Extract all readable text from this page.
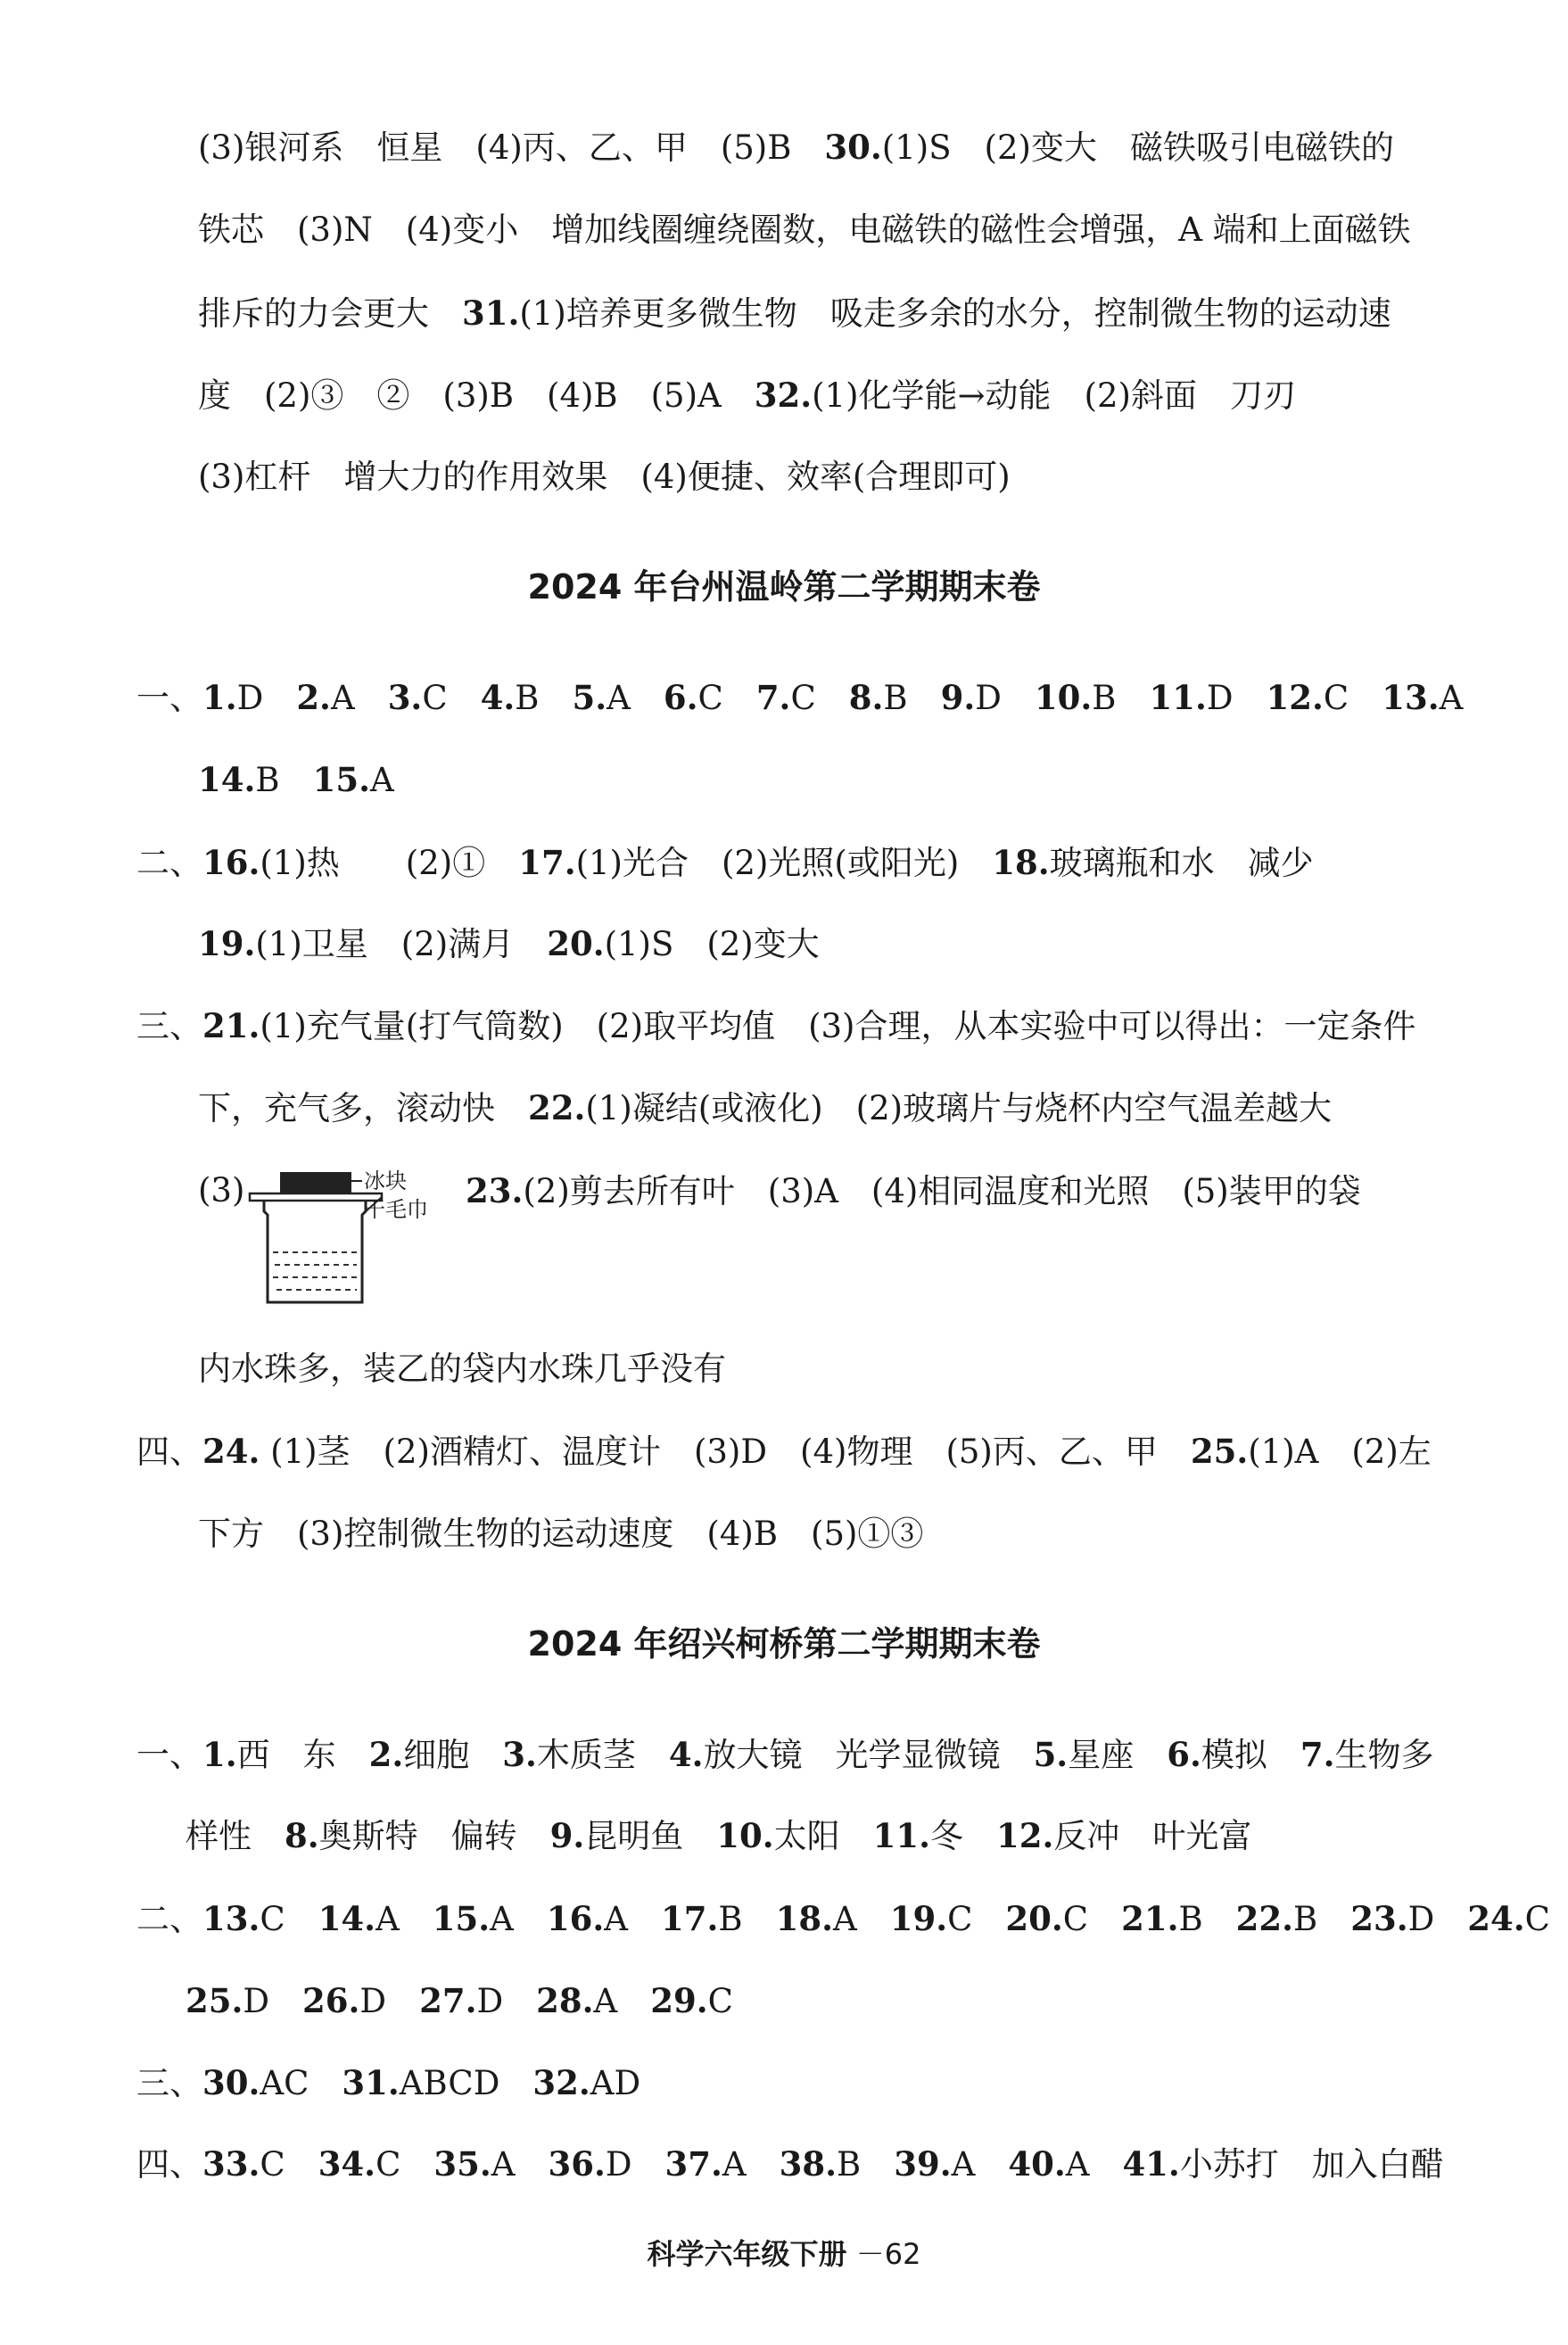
(3)银河系　恒星　(4)丙、乙、甲　(5)B　30.(1)S　(2)变大　磁铁吸引电磁铁的
铁芯　(3)N　(4)变小　增加线圈缠绕圈数，电磁铁的磁性会增强，A 端和上面磁铁
排斥的力会更大　31.(1)培养更多微生物　吸走多余的水分，控制微生物的运动速
度　(2)③　②　(3)B　(4)B　(5)A　32.(1)化学能→动能　(2)斜面　刀刃
(3)杠杆　增大力的作用效果　(4)便捷、效率(合理即可)
2024 年台州温岭第二学期期末卷
一、1.D　2.A　3.C　4.B　5.A　6.C　7.C　8.B　9.D　10.B　11.D　12.C　13.A
14.B　15.A
二、16.(1)热　　(2)①　17.(1)光合　(2)光照(或阳光)　18.玻璃瓶和水　减少
19.(1)卫星　(2)满月　20.(1)S　(2)变大
三、21.(1)充气量(打气筒数)　(2)取平均值　(3)合理，从本实验中可以得出：一定条件
下，充气多，滚动快　22.(1)凝结(或液化)　(2)玻璃片与烧杯内空气温差越大
(3)	23.(2)剪去所有叶　(3)A　(4)相同温度和光照　(5)装甲的袋
冰块
干毛巾
内水珠多，装乙的袋内水珠几乎没有
四、24. (1)茎　(2)酒精灯、温度计　(3)D　(4)物理　(5)丙、乙、甲　25.(1)A　(2)左
下方　(3)控制微生物的运动速度　(4)B　(5)①③
2024 年绍兴柯桥第二学期期末卷
一、1.西　东　2.细胞　3.木质茎　4.放大镜　光学显微镜　5.星座　6.模拟　7.生物多
样性　8.奥斯特　偏转　9.昆明鱼　10.太阳　11.冬　12.反冲　叶光富
二、13.C　14.A　15.A　16.A　17.B　18.A　19.C　20.C　21.B　22.B　23.D　24.C
25.D　26.D　27.D　28.A　29.C
三、30.AC　31.ABCD　32.AD
四、33.C　34.C　35.A　36.D　37.A　38.B　39.A　40.A　41.小苏打　加入白醋
科学六年级下册 －62
